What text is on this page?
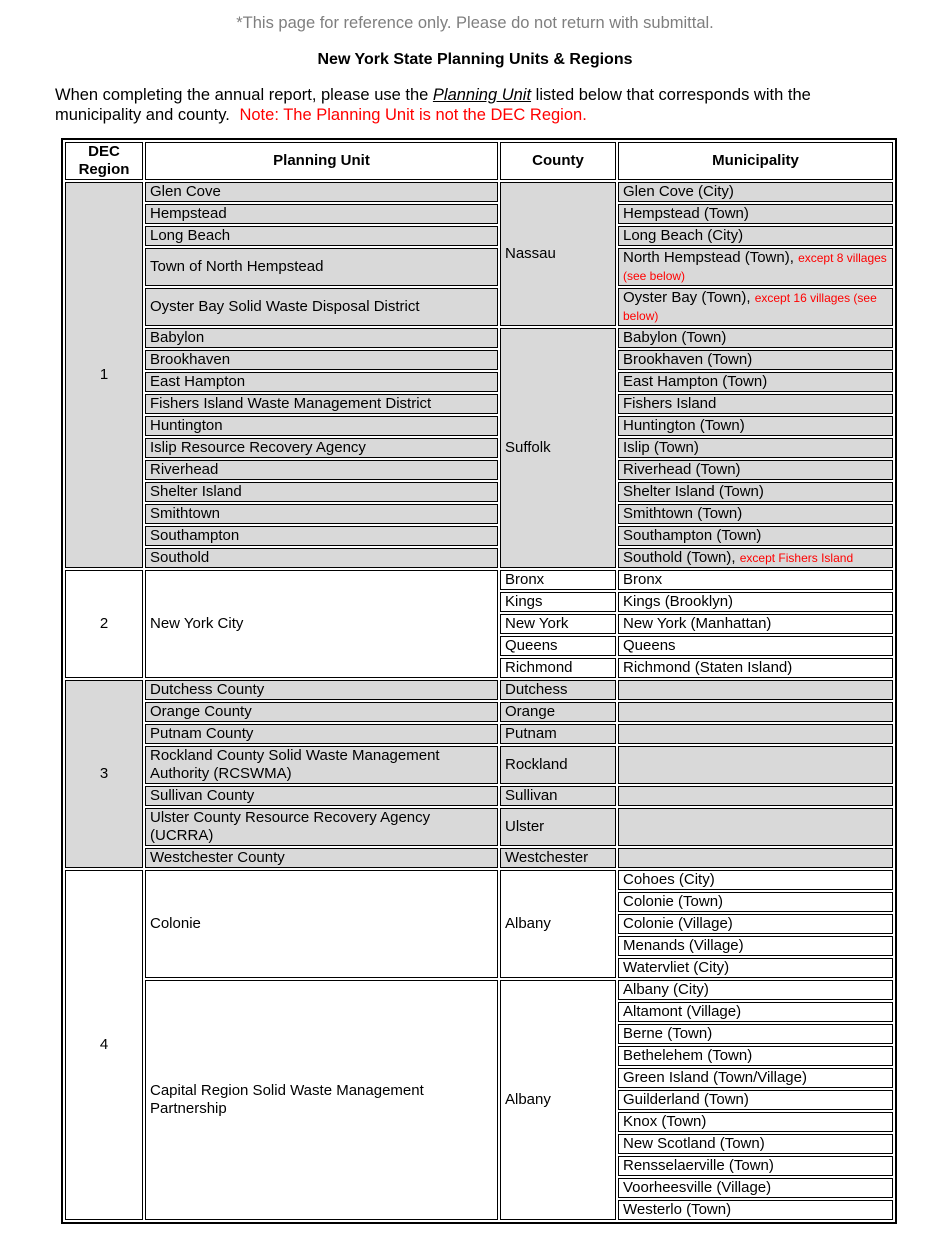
*This page for reference only. Please do not return with submittal.

New York State Planning Units & Regions

When completing the annual report, please use the Planning Unit listed below that corresponds with the municipality and county. Note: The Planning Unit is not the DEC Region.

DEC Region	Planning Unit	County	Municipality
1	Glen Cove	Nassau	Glen Cove (City)
	Hempstead		Hempstead (Town)
	Long Beach		Long Beach (City)
	Town of North Hempstead		North Hempstead (Town), except 8 villages (see below)
	Oyster Bay Solid Waste Disposal District		Oyster Bay (Town), except 16 villages (see below)
	Babylon	Suffolk	Babylon (Town)
	Brookhaven		Brookhaven (Town)
	East Hampton		East Hampton (Town)
	Fishers Island Waste Management District		Fishers Island
	Huntington		Huntington (Town)
	Islip Resource Recovery Agency		Islip (Town)
	Riverhead		Riverhead (Town)
	Shelter Island		Shelter Island (Town)
	Smithtown		Smithtown (Town)
	Southampton		Southampton (Town)
	Southold		Southold (Town), except Fishers Island
2	New York City	Bronx	Bronx
		Kings	Kings (Brooklyn)
		New York	New York (Manhattan)
		Queens	Queens
		Richmond	Richmond (Staten Island)
3	Dutchess County	Dutchess	
	Orange County	Orange	
	Putnam County	Putnam	
	Rockland County Solid Waste Management Authority (RCSWMA)	Rockland	
	Sullivan County	Sullivan	
	Ulster County Resource Recovery Agency (UCRRA)	Ulster	
	Westchester County	Westchester	
4	Colonie	Albany	Cohoes (City)
			Colonie (Town)
			Colonie (Village)
			Menands (Village)
			Watervliet (City)
	Capital Region Solid Waste Management Partnership	Albany	Albany (City)
			Altamont (Village)
			Berne (Town)
			Bethelehem (Town)
			Green Island (Town/Village)
			Guilderland (Town)
			Knox (Town)
			New Scotland (Town)
			Rensselaerville (Town)
			Voorheesville (Village)
			Westerlo (Town)
